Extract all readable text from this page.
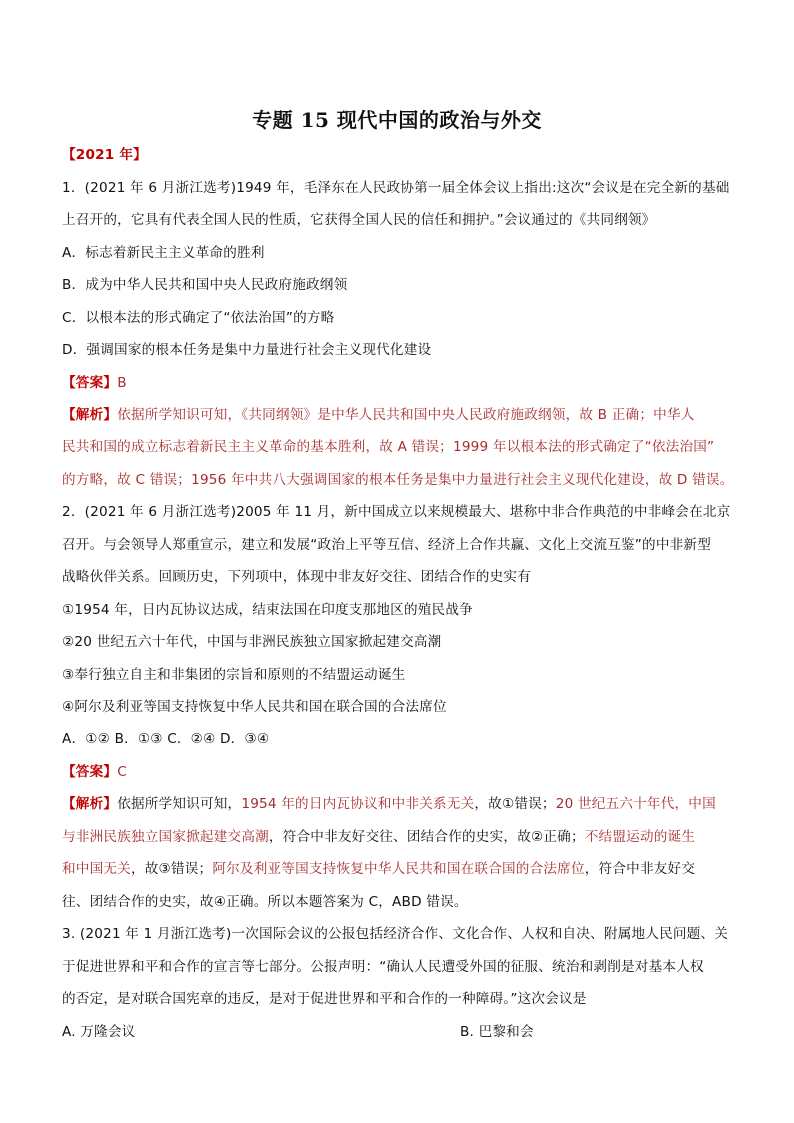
专题 15 现代中国的政治与外交
【2021 年】
1．(2021 年 6 月浙江选考)1949 年，毛泽东在人民政协第一届全体会议上指出:这次“会议是在完全新的基础
上召开的，它具有代表全国人民的性质，它获得全国人民的信任和拥护。”会议通过的《共同纲领》
A．标志着新民主主义革命的胜利
B．成为中华人民共和国中央人民政府施政纲领
C．以根本法的形式确定了“依法治国”的方略
D．强调国家的根本任务是集中力量进行社会主义现代化建设
【答案】B
【解析】依据所学知识可知，《共同纲领》是中华人民共和国中央人民政府施政纲领，故 B 正确；中华人
民共和国的成立标志着新民主主义革命的基本胜利，故 A 错误；1999 年以根本法的形式确定了“依法治国”
的方略，故 C 错误；1956 年中共八大强调国家的根本任务是集中力量进行社会主义现代化建设，故 D 错误。
2．(2021 年 6 月浙江选考)2005 年 11 月，新中国成立以来规模最大、堪称中非合作典范的中非峰会在北京
召开。与会领导人郑重宣示，建立和发展“政治上平等互信、经济上合作共赢、文化上交流互鉴”的中非新型
战略伙伴关系。回顾历史，下列项中，体现中非友好交往、团结合作的史实有
①1954 年，日内瓦协议达成，结束法国在印度支那地区的殖民战争
②20 世纪五六十年代，中国与非洲民族独立国家掀起建交高潮
③奉行独立自主和非集团的宗旨和原则的不结盟运动诞生
④阿尔及利亚等国支持恢复中华人民共和国在联合国的合法席位
A．①② B．①③ C．②④ D．③④
【答案】C
【解析】依据所学知识可知，1954 年的日内瓦协议和中非关系无关，故①错误；20 世纪五六十年代，中国
与非洲民族独立国家掀起建交高潮，符合中非友好交往、团结合作的史实，故②正确；不结盟运动的诞生
和中国无关，故③错误；阿尔及利亚等国支持恢复中华人民共和国在联合国的合法席位，符合中非友好交
往、团结合作的史实，故④正确。所以本题答案为 C，ABD 错误。
3. (2021 年 1 月浙江选考)一次国际会议的公报包括经济合作、文化合作、人权和自决、附属地人民问题、关
于促进世界和平和合作的宣言等七部分。公报声明：“确认人民遭受外国的征服、统治和剥削是对基本人权
的否定，是对联合国宪章的违反，是对于促进世界和平和合作的一种障碍。”这次会议是
A. 万隆会议	B. 巴黎和会
